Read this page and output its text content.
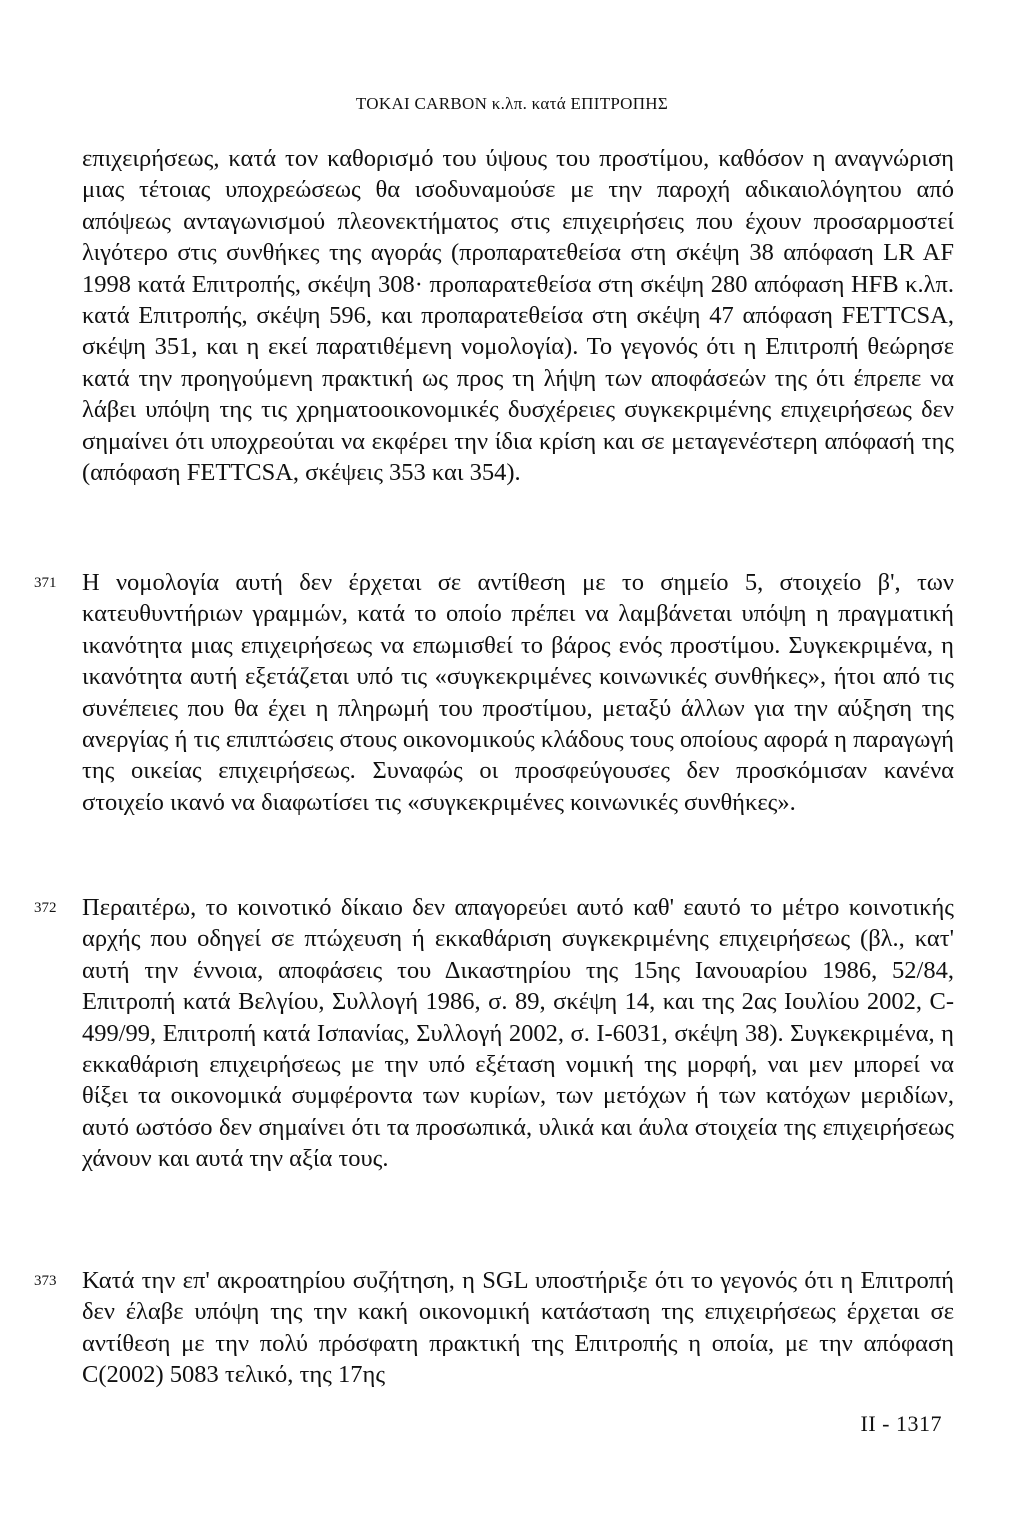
TOKAI CARBON κ.λπ. κατά ΕΠΙΤΡΟΠΗΣ
επιχειρήσεως, κατά τον καθορισμό του ύψους του προστίμου, καθόσον η αναγνώριση μιας τέτοιας υποχρεώσεως θα ισοδυναμούσε με την παροχή αδικαιολόγητου από απόψεως ανταγωνισμού πλεονεκτήματος στις επιχειρήσεις που έχουν προσαρμοστεί λιγότερο στις συνθήκες της αγοράς (προπαρατεθείσα στη σκέψη 38 απόφαση LR AF 1998 κατά Επιτροπής, σκέψη 308· προπαρατεθείσα στη σκέψη 280 απόφαση HFB κ.λπ. κατά Επιτροπής, σκέψη 596, και προπαρατεθείσα στη σκέψη 47 απόφαση FETTCSA, σκέψη 351, και η εκεί παρατιθέμενη νομολογία). Το γεγονός ότι η Επιτροπή θεώρησε κατά την προηγούμενη πρακτική ως προς τη λήψη των αποφάσεών της ότι έπρεπε να λάβει υπόψη της τις χρηματοοικονομικές δυσχέρειες συγκεκριμένης επιχειρήσεως δεν σημαίνει ότι υποχρεούται να εκφέρει την ίδια κρίση και σε μεταγενέστερη απόφασή της (απόφαση FETTCSA, σκέψεις 353 και 354).
371 Η νομολογία αυτή δεν έρχεται σε αντίθεση με το σημείο 5, στοιχείο β', των κατευθυντήριων γραμμών, κατά το οποίο πρέπει να λαμβάνεται υπόψη η πραγματική ικανότητα μιας επιχειρήσεως να επωμισθεί το βάρος ενός προστίμου. Συγκεκριμένα, η ικανότητα αυτή εξετάζεται υπό τις «συγκεκριμένες κοινωνικές συνθήκες», ήτοι από τις συνέπειες που θα έχει η πληρωμή του προστίμου, μεταξύ άλλων για την αύξηση της ανεργίας ή τις επιπτώσεις στους οικονομικούς κλάδους τους οποίους αφορά η παραγωγή της οικείας επιχειρήσεως. Συναφώς οι προσφεύγουσες δεν προσκόμισαν κανένα στοιχείο ικανό να διαφωτίσει τις «συγκεκριμένες κοινωνικές συνθήκες».
372 Περαιτέρω, το κοινοτικό δίκαιο δεν απαγορεύει αυτό καθ' εαυτό το μέτρο κοινοτικής αρχής που οδηγεί σε πτώχευση ή εκκαθάριση συγκεκριμένης επιχειρήσεως (βλ., κατ' αυτή την έννοια, αποφάσεις του Δικαστηρίου της 15ης Ιανουαρίου 1986, 52/84, Επιτροπή κατά Βελγίου, Συλλογή 1986, σ. 89, σκέψη 14, και της 2ας Ιουλίου 2002, C-499/99, Επιτροπή κατά Ισπανίας, Συλλογή 2002, σ. I-6031, σκέψη 38). Συγκεκριμένα, η εκκαθάριση επιχειρήσεως με την υπό εξέταση νομική της μορφή, ναι μεν μπορεί να θίξει τα οικονομικά συμφέροντα των κυρίων, των μετόχων ή των κατόχων μεριδίων, αυτό ωστόσο δεν σημαίνει ότι τα προσωπικά, υλικά και άυλα στοιχεία της επιχειρήσεως χάνουν και αυτά την αξία τους.
373 Κατά την επ' ακροατηρίου συζήτηση, η SGL υποστήριξε ότι το γεγονός ότι η Επιτροπή δεν έλαβε υπόψη της την κακή οικονομική κατάσταση της επιχειρήσεως έρχεται σε αντίθεση με την πολύ πρόσφατη πρακτική της Επιτροπής η οποία, με την απόφαση C(2002) 5083 τελικό, της 17ης
II - 1317
